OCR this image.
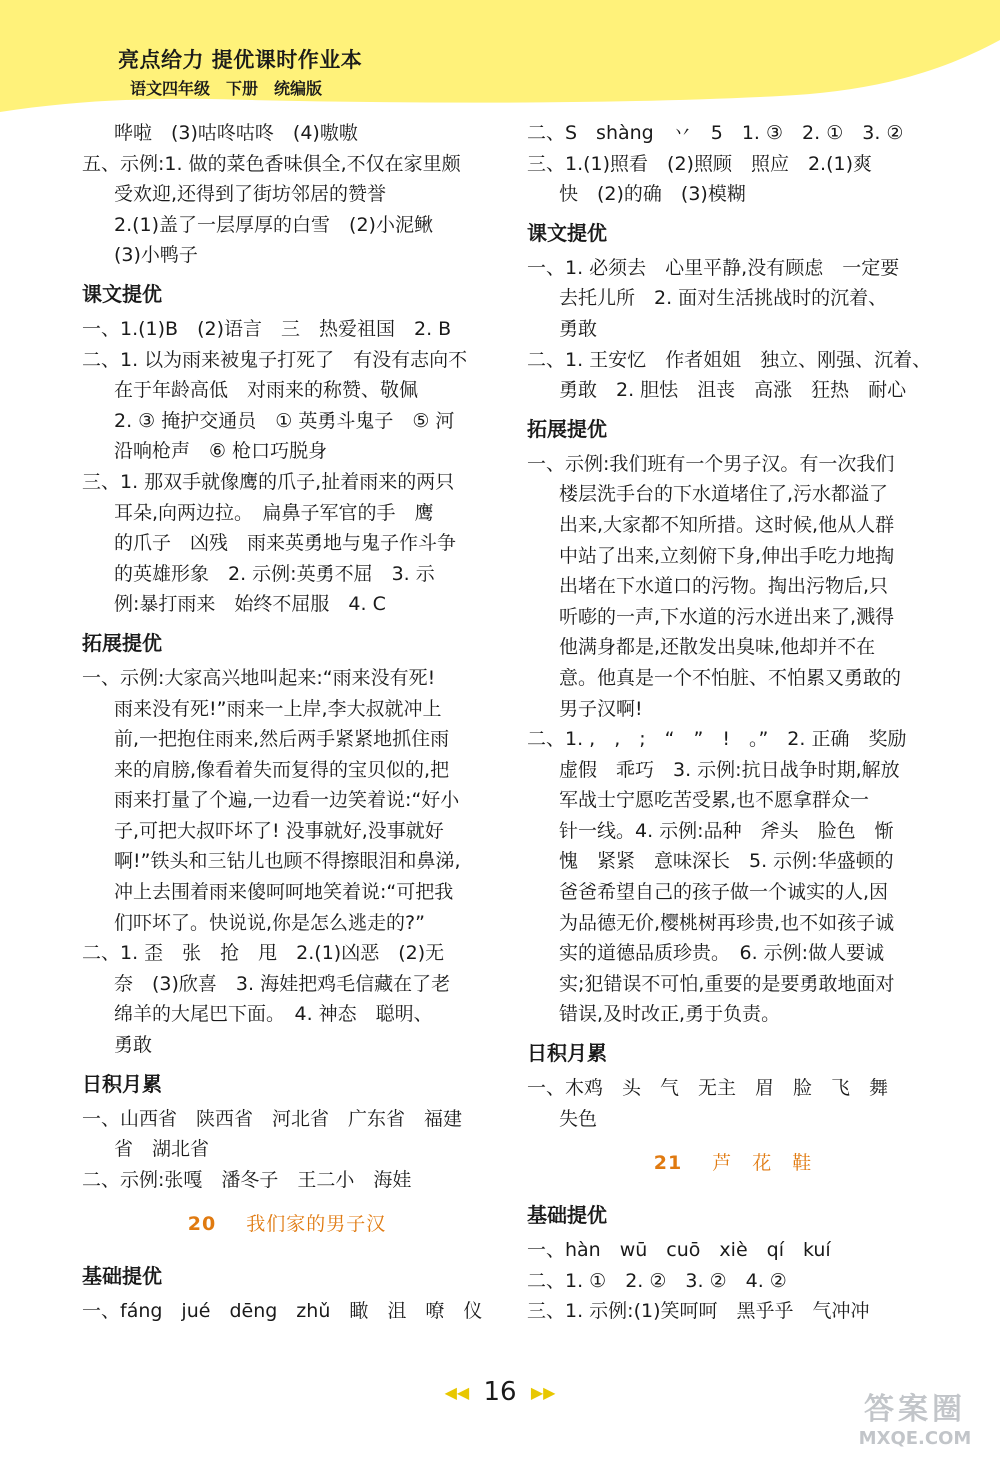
亮点给力 提优课时作业本
语文四年级　下册　统编版
哗啦　(3)咕咚咕咚　(4)嗷嗷
五、示例:1. 做的菜色香味俱全,不仅在家里颇
受欢迎,还得到了街坊邻居的赞誉
2.(1)盖了一层厚厚的白雪　(2)小泥鳅
(3)小鸭子
课文提优
一、1.(1)B　(2)语言　三　热爱祖国　2. B
二、1. 以为雨来被鬼子打死了　有没有志向不
在于年龄高低　对雨来的称赞、敬佩
2. ③ 掩护交通员　① 英勇斗鬼子　⑤ 河
沿响枪声　⑥ 枪口巧脱身
三、1. 那双手就像鹰的爪子,扯着雨来的两只
耳朵,向两边拉。　扁鼻子军官的手　鹰
的爪子　凶残　雨来英勇地与鬼子作斗争
的英雄形象　2. 示例:英勇不屈　3. 示
例:暴打雨来　始终不屈服　4. C
拓展提优
一、示例:大家高兴地叫起来:“雨来没有死!
雨来没有死!”雨来一上岸,李大叔就冲上
前,一把抱住雨来,然后两手紧紧地抓住雨
来的肩膀,像看着失而复得的宝贝似的,把
雨来打量了个遍,一边看一边笑着说:“好小
子,可把大叔吓坏了! 没事就好,没事就好
啊!”铁头和三钻儿也顾不得擦眼泪和鼻涕,
冲上去围着雨来傻呵呵地笑着说:“可把我
们吓坏了。快说说,你是怎么逃走的?”
二、1. 歪　张　抢　甩　2.(1)凶恶　(2)无
奈　(3)欣喜　3. 海娃把鸡毛信藏在了老
绵羊的大尾巴下面。　4. 神态　聪明、
勇敢
日积月累
一、山西省　陕西省　河北省　广东省　福建
省　湖北省
二、示例:张嘎　潘冬子　王二小　海娃
20 我们家的男子汉
基础提优
一、fáng　jué　dēng　zhǔ　瞰　沮　嘹　仪
二、S　shàng　丷　5　1. ③　2. ①　3. ②
三、1.(1)照看　(2)照顾　照应　2.(1)爽
快　(2)的确　(3)模糊
课文提优
一、1. 必须去　心里平静,没有顾虑　一定要
去托儿所　2. 面对生活挑战时的沉着、
勇敢
二、1. 王安忆　作者姐姐　独立、刚强、沉着、
勇敢　2. 胆怯　沮丧　高涨　狂热　耐心
拓展提优
一、示例:我们班有一个男子汉。有一次我们
楼层洗手台的下水道堵住了,污水都溢了
出来,大家都不知所措。这时候,他从人群
中站了出来,立刻俯下身,伸出手吃力地掏
出堵在下水道口的污物。掏出污物后,只
听嘭的一声,下水道的污水迸出来了,溅得
他满身都是,还散发出臭味,他却并不在
意。他真是一个不怕脏、不怕累又勇敢的
男子汉啊!
二、1. ,　,　;　“　”　!　。”　2. 正确　奖励
虚假　乖巧　3. 示例:抗日战争时期,解放
军战士宁愿吃苦受累,也不愿拿群众一
针一线。4. 示例:品种　斧头　脸色　惭
愧　紧紧　意味深长　5. 示例:华盛顿的
爸爸希望自己的孩子做一个诚实的人,因
为品德无价,樱桃树再珍贵,也不如孩子诚
实的道德品质珍贵。　6. 示例:做人要诚
实;犯错误不可怕,重要的是要勇敢地面对
错误,及时改正,勇于负责。
日积月累
一、木鸡　头　气　无主　眉　脸　飞　舞
失色
21 芦　花　鞋
基础提优
一、hàn　wū　cuō　xiè　qí　kuí
二、1. ①　2. ②　3. ②　4. ②
三、1. 示例:(1)笑呵呵　黑乎乎　气冲冲
◀◀ 16 ▶▶	答案圈
MXQE.COM
